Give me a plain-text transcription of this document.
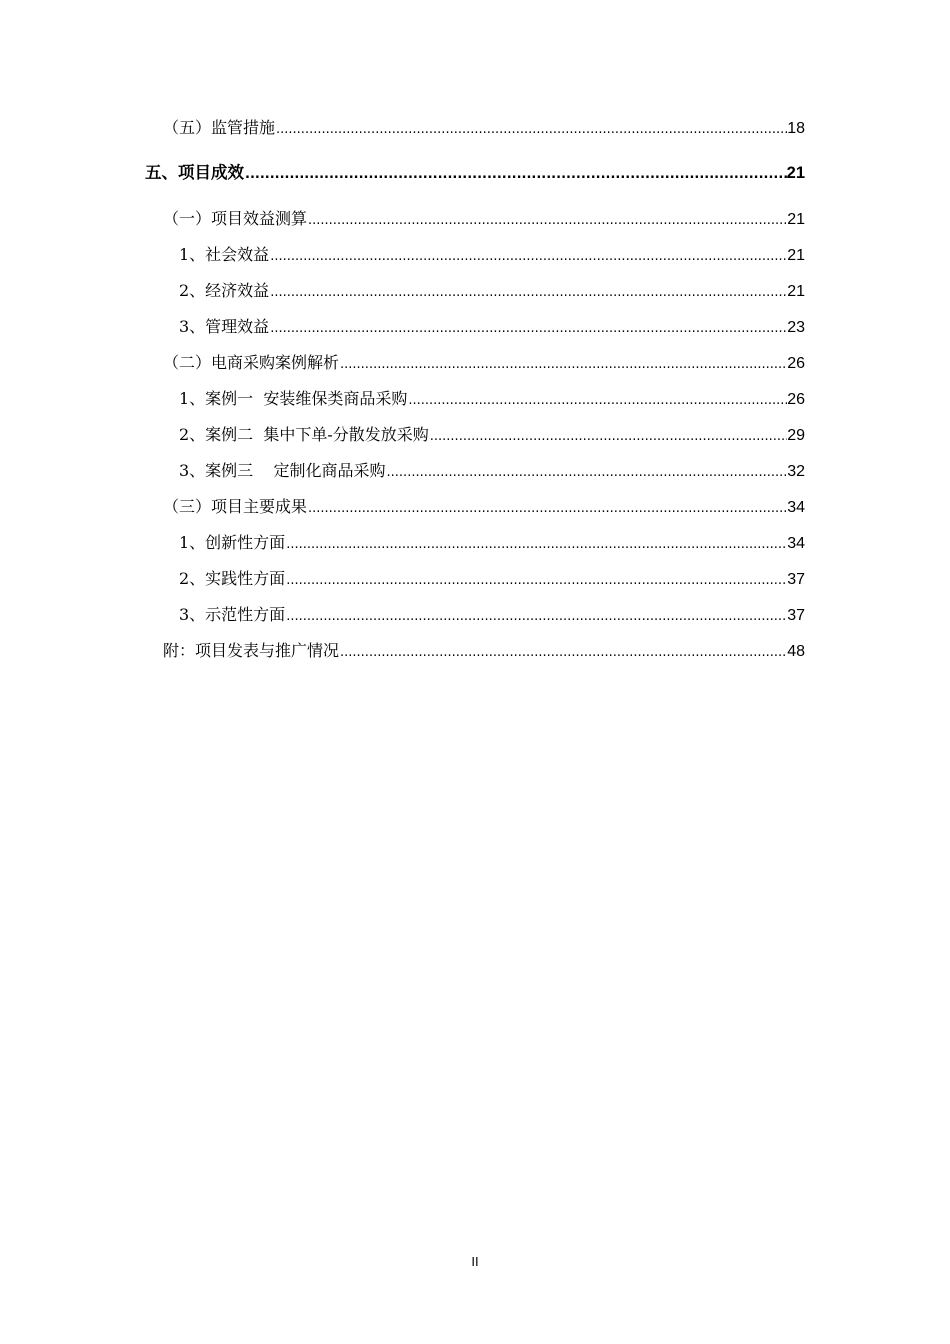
（五）监管措施 .....	18
五、项目成效 .....	21
（一）项目效益测算 .....	21
1、社会效益 .....	21
2、经济效益 .....	21
3、管理效益 .....	23
（二）电商采购案例解析 .....	26
1、案例一  安装维保类商品采购 .....	26
2、案例二  集中下单-分散发放采购 .....	29
3、案例三    定制化商品采购 .....	32
（三）项目主要成果 .....	34
1、创新性方面 .....	34
2、实践性方面 .....	37
3、示范性方面 .....	37
附：项目发表与推广情况 .....	48
II
